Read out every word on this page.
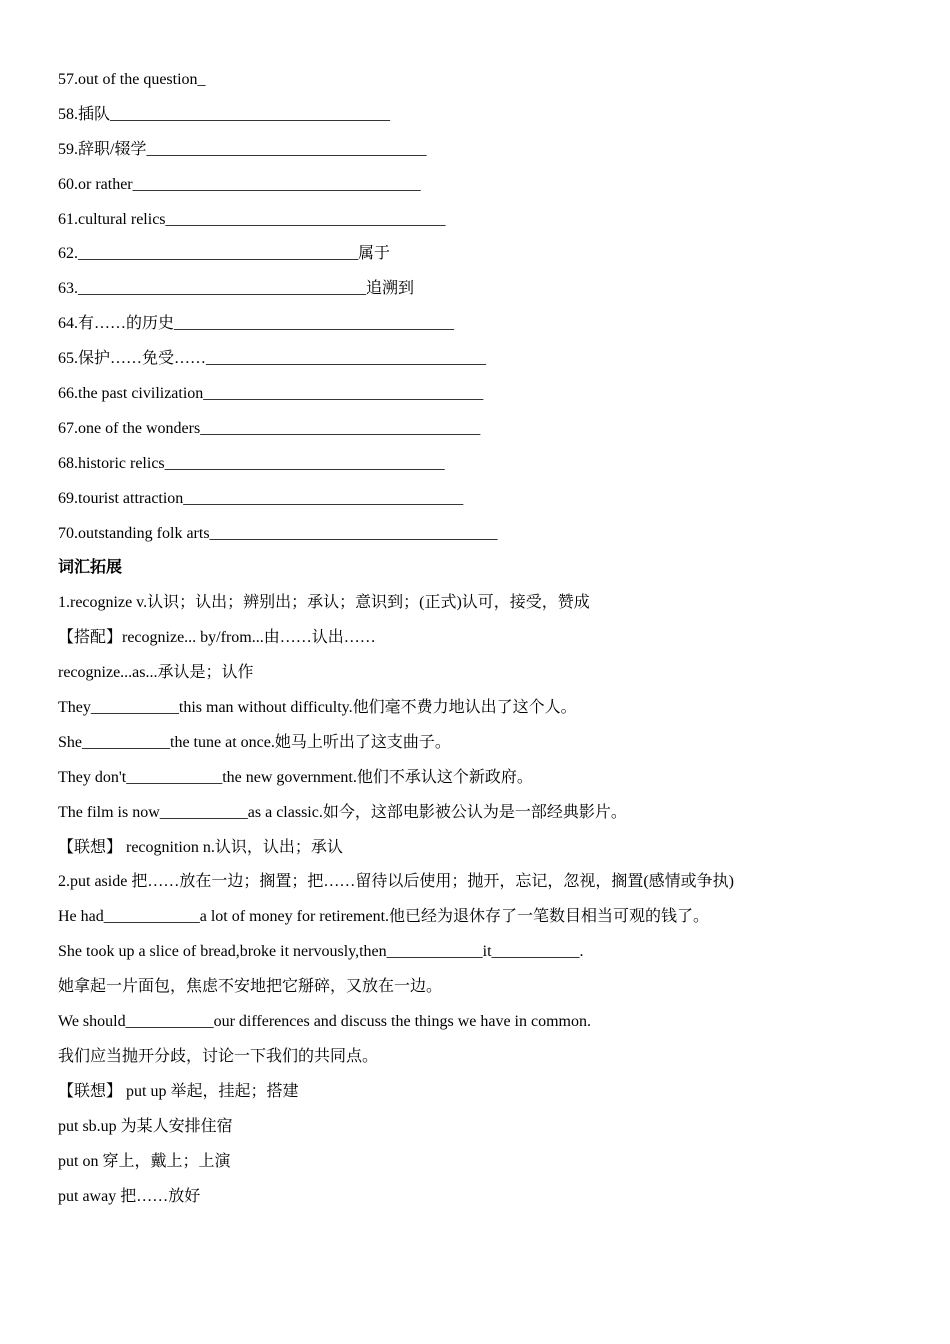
57.out of the question_
58.插队___________________________________
59.辞职/辍学___________________________________
60.or rather____________________________________
61.cultural relics___________________________________
62.___________________________________属于
63.____________________________________追溯到
64.有……的历史___________________________________
65.保护……免受……___________________________________
66.the past civilization___________________________________
67.one of the wonders___________________________________
68.historic relics___________________________________
69.tourist attraction___________________________________
70.outstanding folk arts____________________________________
词汇拓展
1.recognize v.认识；认出；辨别出；承认；意识到；(正式)认可，接受，赞成
【搭配】recognize... by/from...由……认出……
recognize...as...承认是；认作
They___________this man without difficulty.他们毫不费力地认出了这个人。
She___________the tune at once.她马上听出了这支曲子。
They don't____________the new government.他们不承认这个新政府。
The film is now___________as a classic.如今，这部电影被公认为是一部经典影片。
【联想】 recognition n.认识，认出；承认
2.put aside 把……放在一边；搁置；把……留待以后使用；抛开，忘记，忽视，搁置(感情或争执)
He had____________a lot of money for retirement.他已经为退休存了一笔数目相当可观的钱了。
She took up a slice of bread,broke it nervously,then____________it___________.
她拿起一片面包，焦虑不安地把它掰碎，又放在一边。
We should___________our differences and discuss the things we have in common.
我们应当抛开分歧，讨论一下我们的共同点。
【联想】 put up 举起，挂起；搭建
put sb.up 为某人安排住宿
put on 穿上，戴上；上演
put away 把……放好
